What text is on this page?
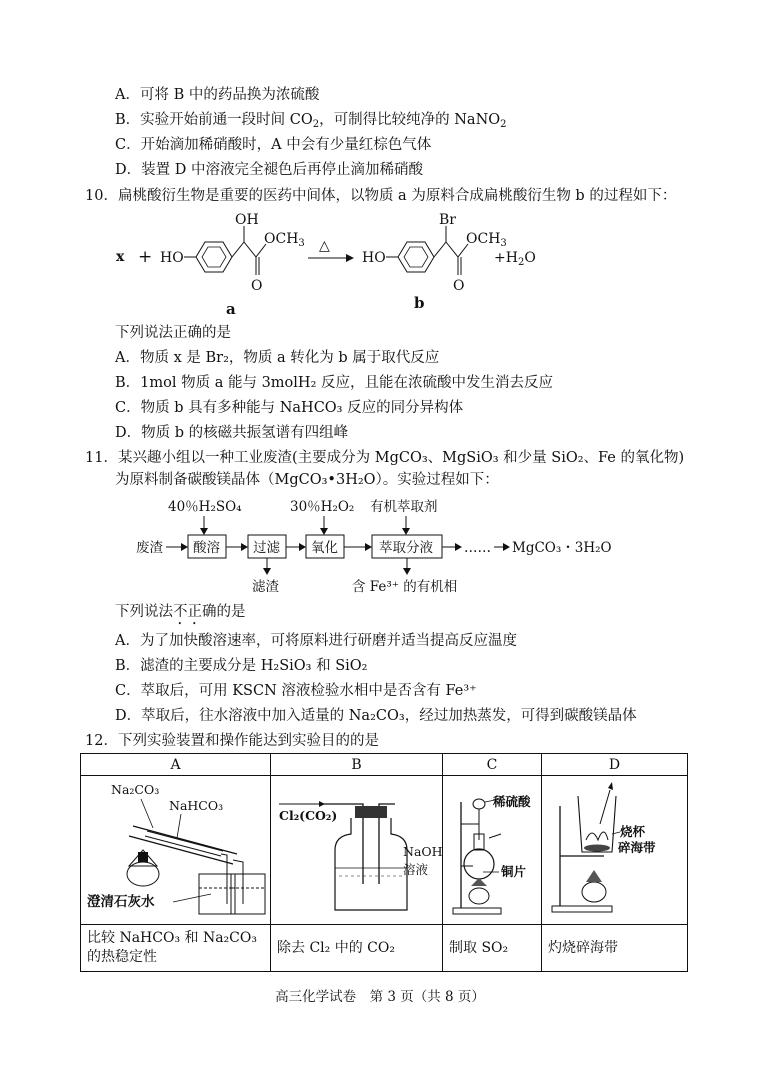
A．可将 B 中的药品换为浓硫酸
B．实验开始前通一段时间 $CO_2$，可制得比较纯净的 NaNO$_2$
C．开始滴加稀硝酸时，A 中会有少量红棕色气体
D．装置 D 中溶液完全褪色后再停止滴加稀硝酸
10．扁桃酸衍生物是重要的医药中间体，以物质 a 为原料合成扁桃酸衍生物 b 的过程如下：
x + HO
OH
O
$OCH_3$
a
△
HO
Br
O
$OCH_3$
b
$+H_2O$
下列说法正确的是
A．物质 x 是 Br₂，物质 a 转化为 b 属于取代反应
B．1mol 物质 a 能与 3molH₂ 反应，且能在浓硫酸中发生消去反应
C．物质 b 具有多种能与 NaHCO₃ 反应的同分异构体
D．物质 b 的核磁共振氢谱有四组峰
11．某兴趣小组以一种工业废渣(主要成分为 MgCO₃、MgSiO₃ 和少量 SiO₂、Fe 的氧化物)
为原料制备碳酸镁晶体（MgCO₃•3H₂O）。实验过程如下：
40％H₂SO₄	30％H₂O₂ 有机萃取剂
废渣 酸溶 过滤 氧化	萃取分液 …… MgCO₃・3H₂O
滤渣	含 Fe³⁺ 的有机相
下列说法不正确的是
A．为了加快酸溶速率，可将原料进行研磨并适当提高反应温度
B．滤渣的主要成分是 H₂SiO₃ 和 SiO₂
C．萃取后，可用 KSCN 溶液检验水相中是否含有 Fe³⁺
D．萃取后，往水溶液中加入适量的 Na₂CO₃，经过加热蒸发，可得到碳酸镁晶体
12．下列实验装置和操作能达到实验目的的是
A	B	C	D

Na₂CO₃
NaHCO₃
澄清石灰水	Cl₂(CO₂)
NaOH
溶液	稀硫酸
铜片	烧杯
碎海带

比较 NaHCO₃ 和 Na₂CO₃ 的热稳定性	除去 Cl₂ 中的 CO₂	制取 SO₂	灼烧碎海带
高三化学试卷　第 3 页（共 8 页）
